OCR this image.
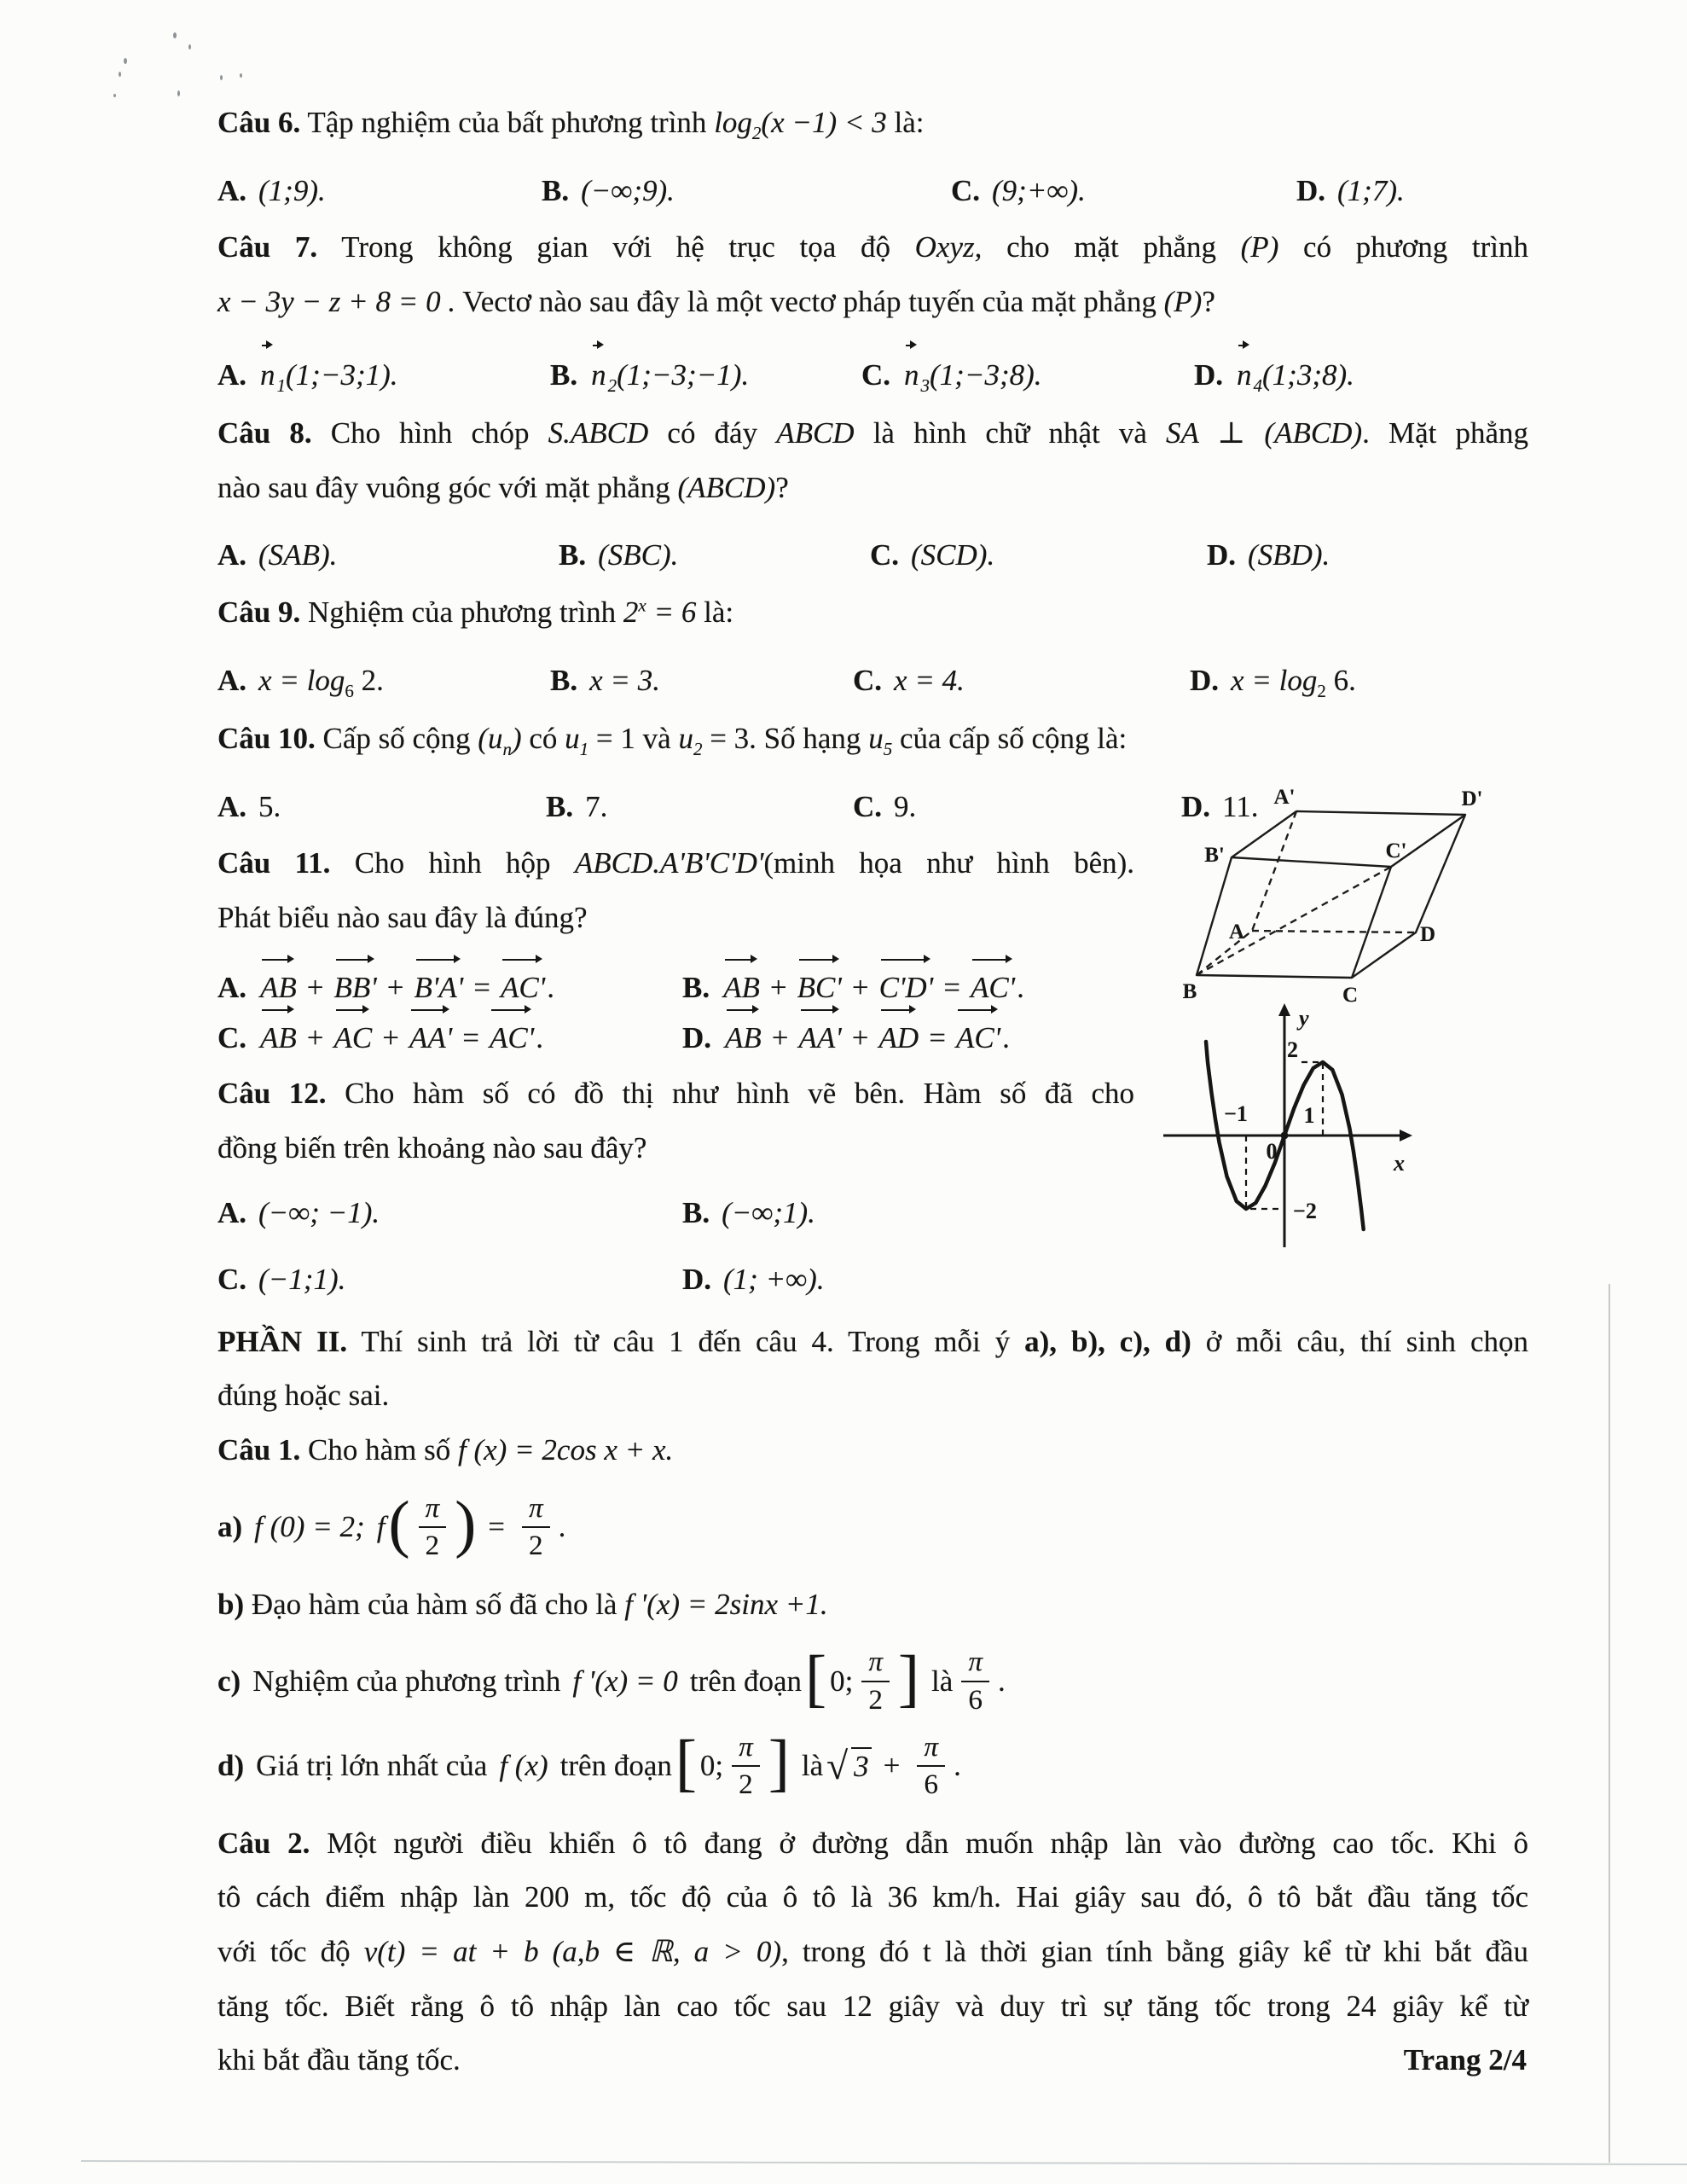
Câu 6. Tập nghiệm của bất phương trình $\log_2(x -1) < 3$ là:
A. (1;9).	B. (−∞;9).	C. (9;+∞).	D. (1;7).
Câu 7. Trong không gian với hệ trục tọa độ Oxyz, cho mặt phẳng (P) có phương trình
x − 3y − z + 8 = 0 . Vectơ nào sau đây là một vectơ pháp tuyến của mặt phẳng (P)?
A. $n_1(1;-3;1)$.	B. $n_2(1;-3;-1)$.	C. $n_3(1;-3;8)$.	D. $n_4(1;3;8)$.
Câu 8. Cho hình chóp S.ABCD có đáy ABCD là hình chữ nhật và SA ⊥ (ABCD). Mặt phẳng
nào sau đây vuông góc với mặt phẳng (ABCD)?
A. (SAB).	B. (SBC).	C. (SCD).	D. (SBD).
Câu 9. Nghiệm của phương trình $2^x = 6$ là:
A. $x = \log_6 2$.	B. x = 3.	C. x = 4.	D. $x = \log_2 6$.
Câu 10. Cấp số cộng $(u_n)$ có $u_1 = 1$ và $u_2 = 3$. Số hạng $u_5$ của cấp số cộng là:
A. 5.	B. 7.	C. 9.	D. 11.
Câu 11. Cho hình hộp ABCD.A'B'C'D'(minh họa như hình bên).
Phát biểu nào sau đây là đúng?
A. AB + BB' + B'A' = AC'.	B. AB + BC' + C'D' = AC'.
C. AB + AC + AA' = AC'.	D. AB + AA' + AD = AC'.
Câu 12. Cho hàm số có đồ thị như hình vẽ bên. Hàm số đã cho
đồng biến trên khoảng nào sau đây?
A. (−∞; −1).	B. (−∞;1).
C. (−1;1).	D. (1; +∞).
PHẦN II. Thí sinh trả lời từ câu 1 đến câu 4. Trong mỗi ý a), b), c), d) ở mỗi câu, thí sinh chọn
đúng hoặc sai.
Câu 1. Cho hàm số f (x) = 2cos x + x.
a) f (0) = 2; f ( $\frac{\pi}{2}$ ) = $\frac{\pi}{2}$ .
b) Đạo hàm của hàm số đã cho là f '(x) = 2sinx +1.
c) Nghiệm của phương trình f '(x) = 0 trên đoạn [ 0; $\frac{\pi}{2}$ ] là $\frac{\pi}{6}$ .
d) Giá trị lớn nhất của f (x) trên đoạn [ 0; $\frac{\pi}{2}$ ] là √ $3 + \frac{\pi}{6}$ .
Câu 2. Một người điều khiển ô tô đang ở đường dẫn muốn nhập làn vào đường cao tốc. Khi ô
tô cách điểm nhập làn 200 m, tốc độ của ô tô là 36 km/h. Hai giây sau đó, ô tô bắt đầu tăng tốc
với tốc độ v(t) = at + b (a,b ∈ ℝ, a > 0), trong đó t là thời gian tính bằng giây kể từ khi bắt đầu
tăng tốc. Biết rằng ô tô nhập làn cao tốc sau 12 giây và duy trì sự tăng tốc trong 24 giây kể từ
khi bắt đầu tăng tốc.
A'	D'
B'	C'
A	D
B	C
y
x
0
2
1
−1
−2
Trang 2/4
